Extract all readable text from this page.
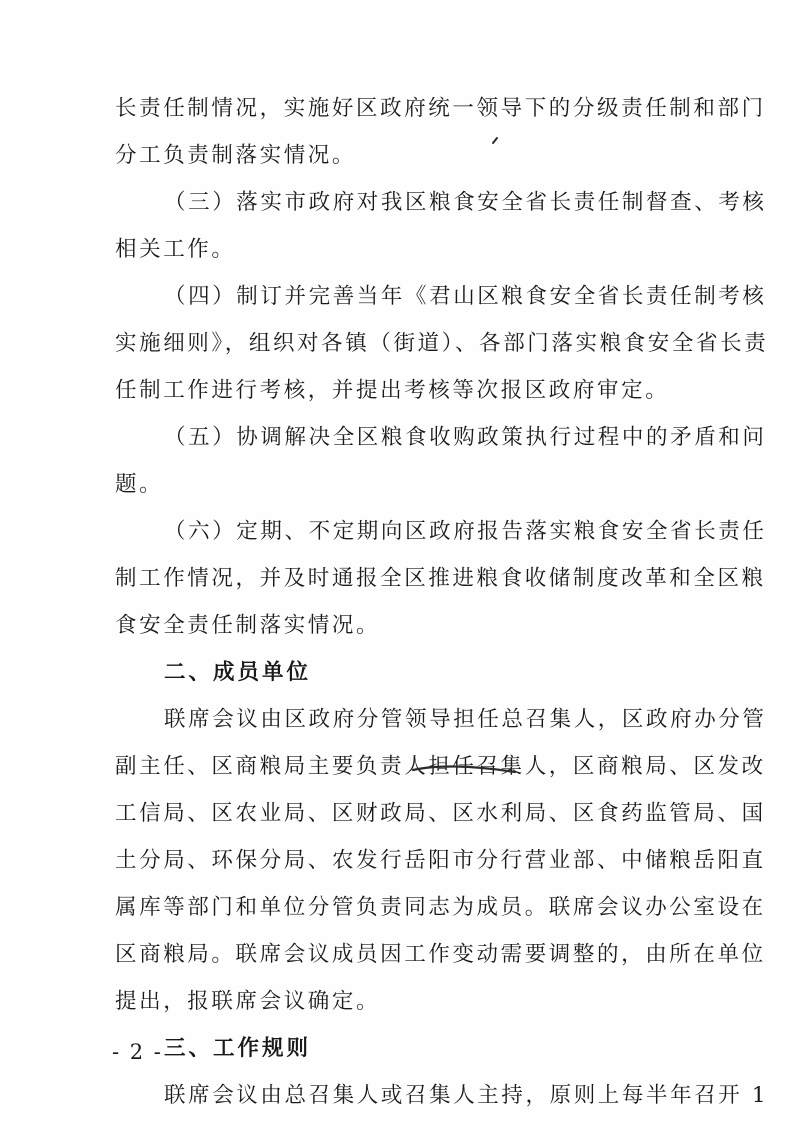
长责任制情况，实施好区政府统一领导下的分级责任制和部门
分工负责制落实情况。
（三）落实市政府对我区粮食安全省长责任制督查、考核
相关工作。
（四）制订并完善当年《君山区粮食安全省长责任制考核
实施细则》，组织对各镇（街道）、各部门落实粮食安全省长责
任制工作进行考核，并提出考核等次报区政府审定。
（五）协调解决全区粮食收购政策执行过程中的矛盾和问
题。
（六）定期、不定期向区政府报告落实粮食安全省长责任
制工作情况，并及时通报全区推进粮食收储制度改革和全区粮
食安全责任制落实情况。
二、成员单位
联席会议由区政府分管领导担任总召集人，区政府办分管
副主任、区商粮局主要负责人担任召集人，区商粮局、区发改
工信局、区农业局、区财政局、区水利局、区食药监管局、国
土分局、环保分局、农发行岳阳市分行营业部、中储粮岳阳直
属库等部门和单位分管负责同志为成员。联席会议办公室设在
区商粮局。联席会议成员因工作变动需要调整的，由所在单位
提出，报联席会议确定。
三、工作规则
联席会议由总召集人或召集人主持，原则上每半年召开 1
- 2 -
